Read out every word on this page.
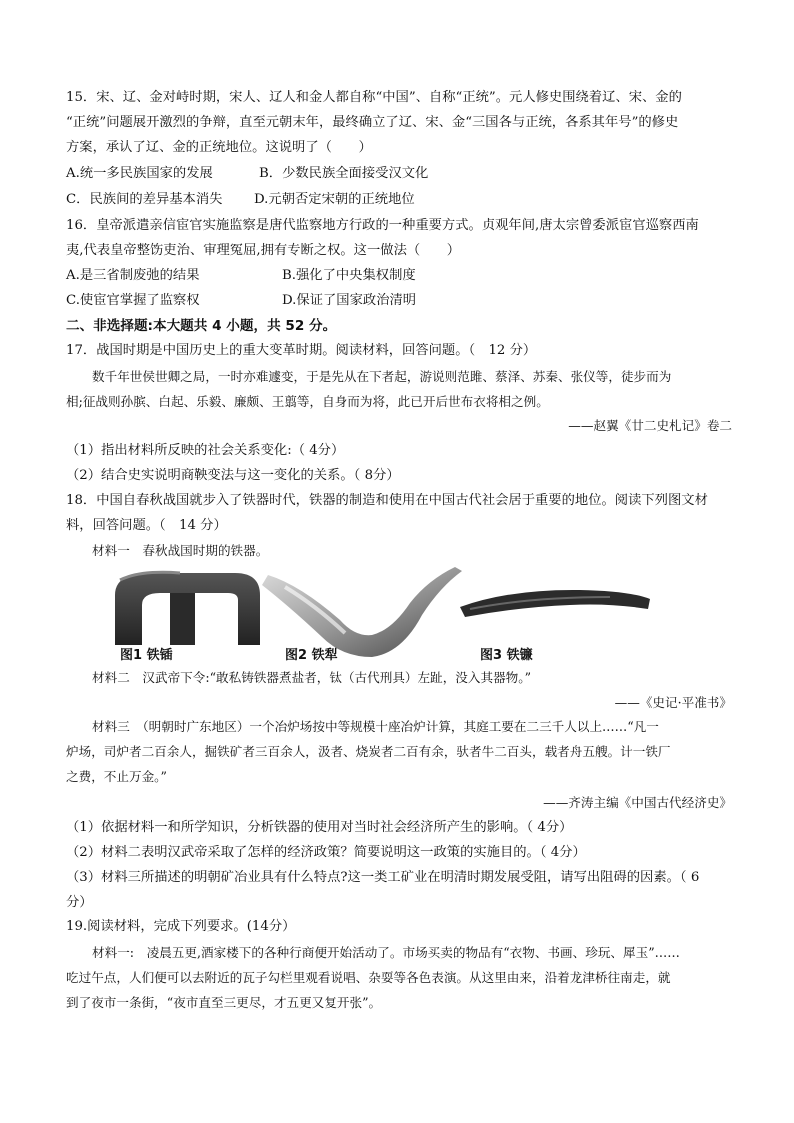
15．宋、辽、金对峙时期，宋人、辽人和金人都自称“中国”、自称“正统”。元人修史围绕着辽、宋、金的
“正统”问题展开激烈的争辩，直至元朝末年，最终确立了辽、宋、金“三国各与正统，各系其年号”的修史
方案，承认了辽、金的正统地位。这说明了（　　）
A.统一多民族国家的发展	B．少数民族全面接受汉文化
C．民族间的差异基本消失 D.元朝否定宋朝的正统地位
16．皇帝派遣亲信宦官实施监察是唐代监察地方行政的一种重要方式。贞观年间,唐太宗曾委派宦官巡察西南
夷,代表皇帝整饬吏治、审理冤屈,拥有专断之权。这一做法（　　）
A.是三省制废弛的结果	B.强化了中央集权制度
C.使宦官掌握了监察权	D.保证了国家政治清明
二、非选择题:本大题共 4 小题，共 52 分。
17．战国时期是中国历史上的重大变革时期。阅读材料，回答问题。（　12 分）
数千年世侯世卿之局，一时亦难遽变，于是先从在下者起，游说则范雎、蔡泽、苏秦、张仪等，徒步而为
相;征战则孙膑、白起、乐毅、廉颇、王翦等，自身而为将，此已开后世布衣将相之例。
——赵翼《廿二史札记》卷二
（1）指出材料所反映的社会关系变化:（ 4分）
（2）结合史实说明商鞅变法与这一变化的关系。（ 8分）
18．中国自春秋战国就步入了铁器时代，铁器的制造和使用在中国古代社会居于重要的地位。阅读下列图文材
料，回答问题。（　14 分）
材料一　春秋战国时期的铁器。
图1 铁锸	图2 铁犁	图3 铁镰
材料二　汉武帝下令:“敢私铸铁器煮盐者，钛（古代刑具）左趾，没入其器物。”
——《史记·平准书》
材料三　（明朝时广东地区）一个冶炉场按中等规模十座冶炉计算，其庭工要在二三千人以上……“凡一
炉场，司炉者二百余人，掘铁矿者三百余人，汲者、烧炭者二百有余，驮者牛二百头，载者舟五艘。计一铁厂
之费，不止万金。”
——齐涛主编《中国古代经济史》
（1）依据材料一和所学知识，分析铁器的使用对当时社会经济所产生的影响。（ 4分）
（2）材料二表明汉武帝采取了怎样的经济政策？简要说明这一政策的实施目的。（ 4分）
（3）材料三所描述的明朝矿冶业具有什么特点?这一类工矿业在明清时期发展受阻，请写出阻碍的因素。（ 6
分）
19.阅读材料，完成下列要求。(14分）
材料一:　凌晨五更,酒家楼下的各种行商便开始活动了。市场买卖的物品有“衣物、书画、珍玩、犀玉”……
吃过午点，人们便可以去附近的瓦子勾栏里观看说唱、杂耍等各色表演。从这里由来，沿着龙津桥往南走，就
到了夜市一条街，“夜市直至三更尽，才五更又复开张”。
